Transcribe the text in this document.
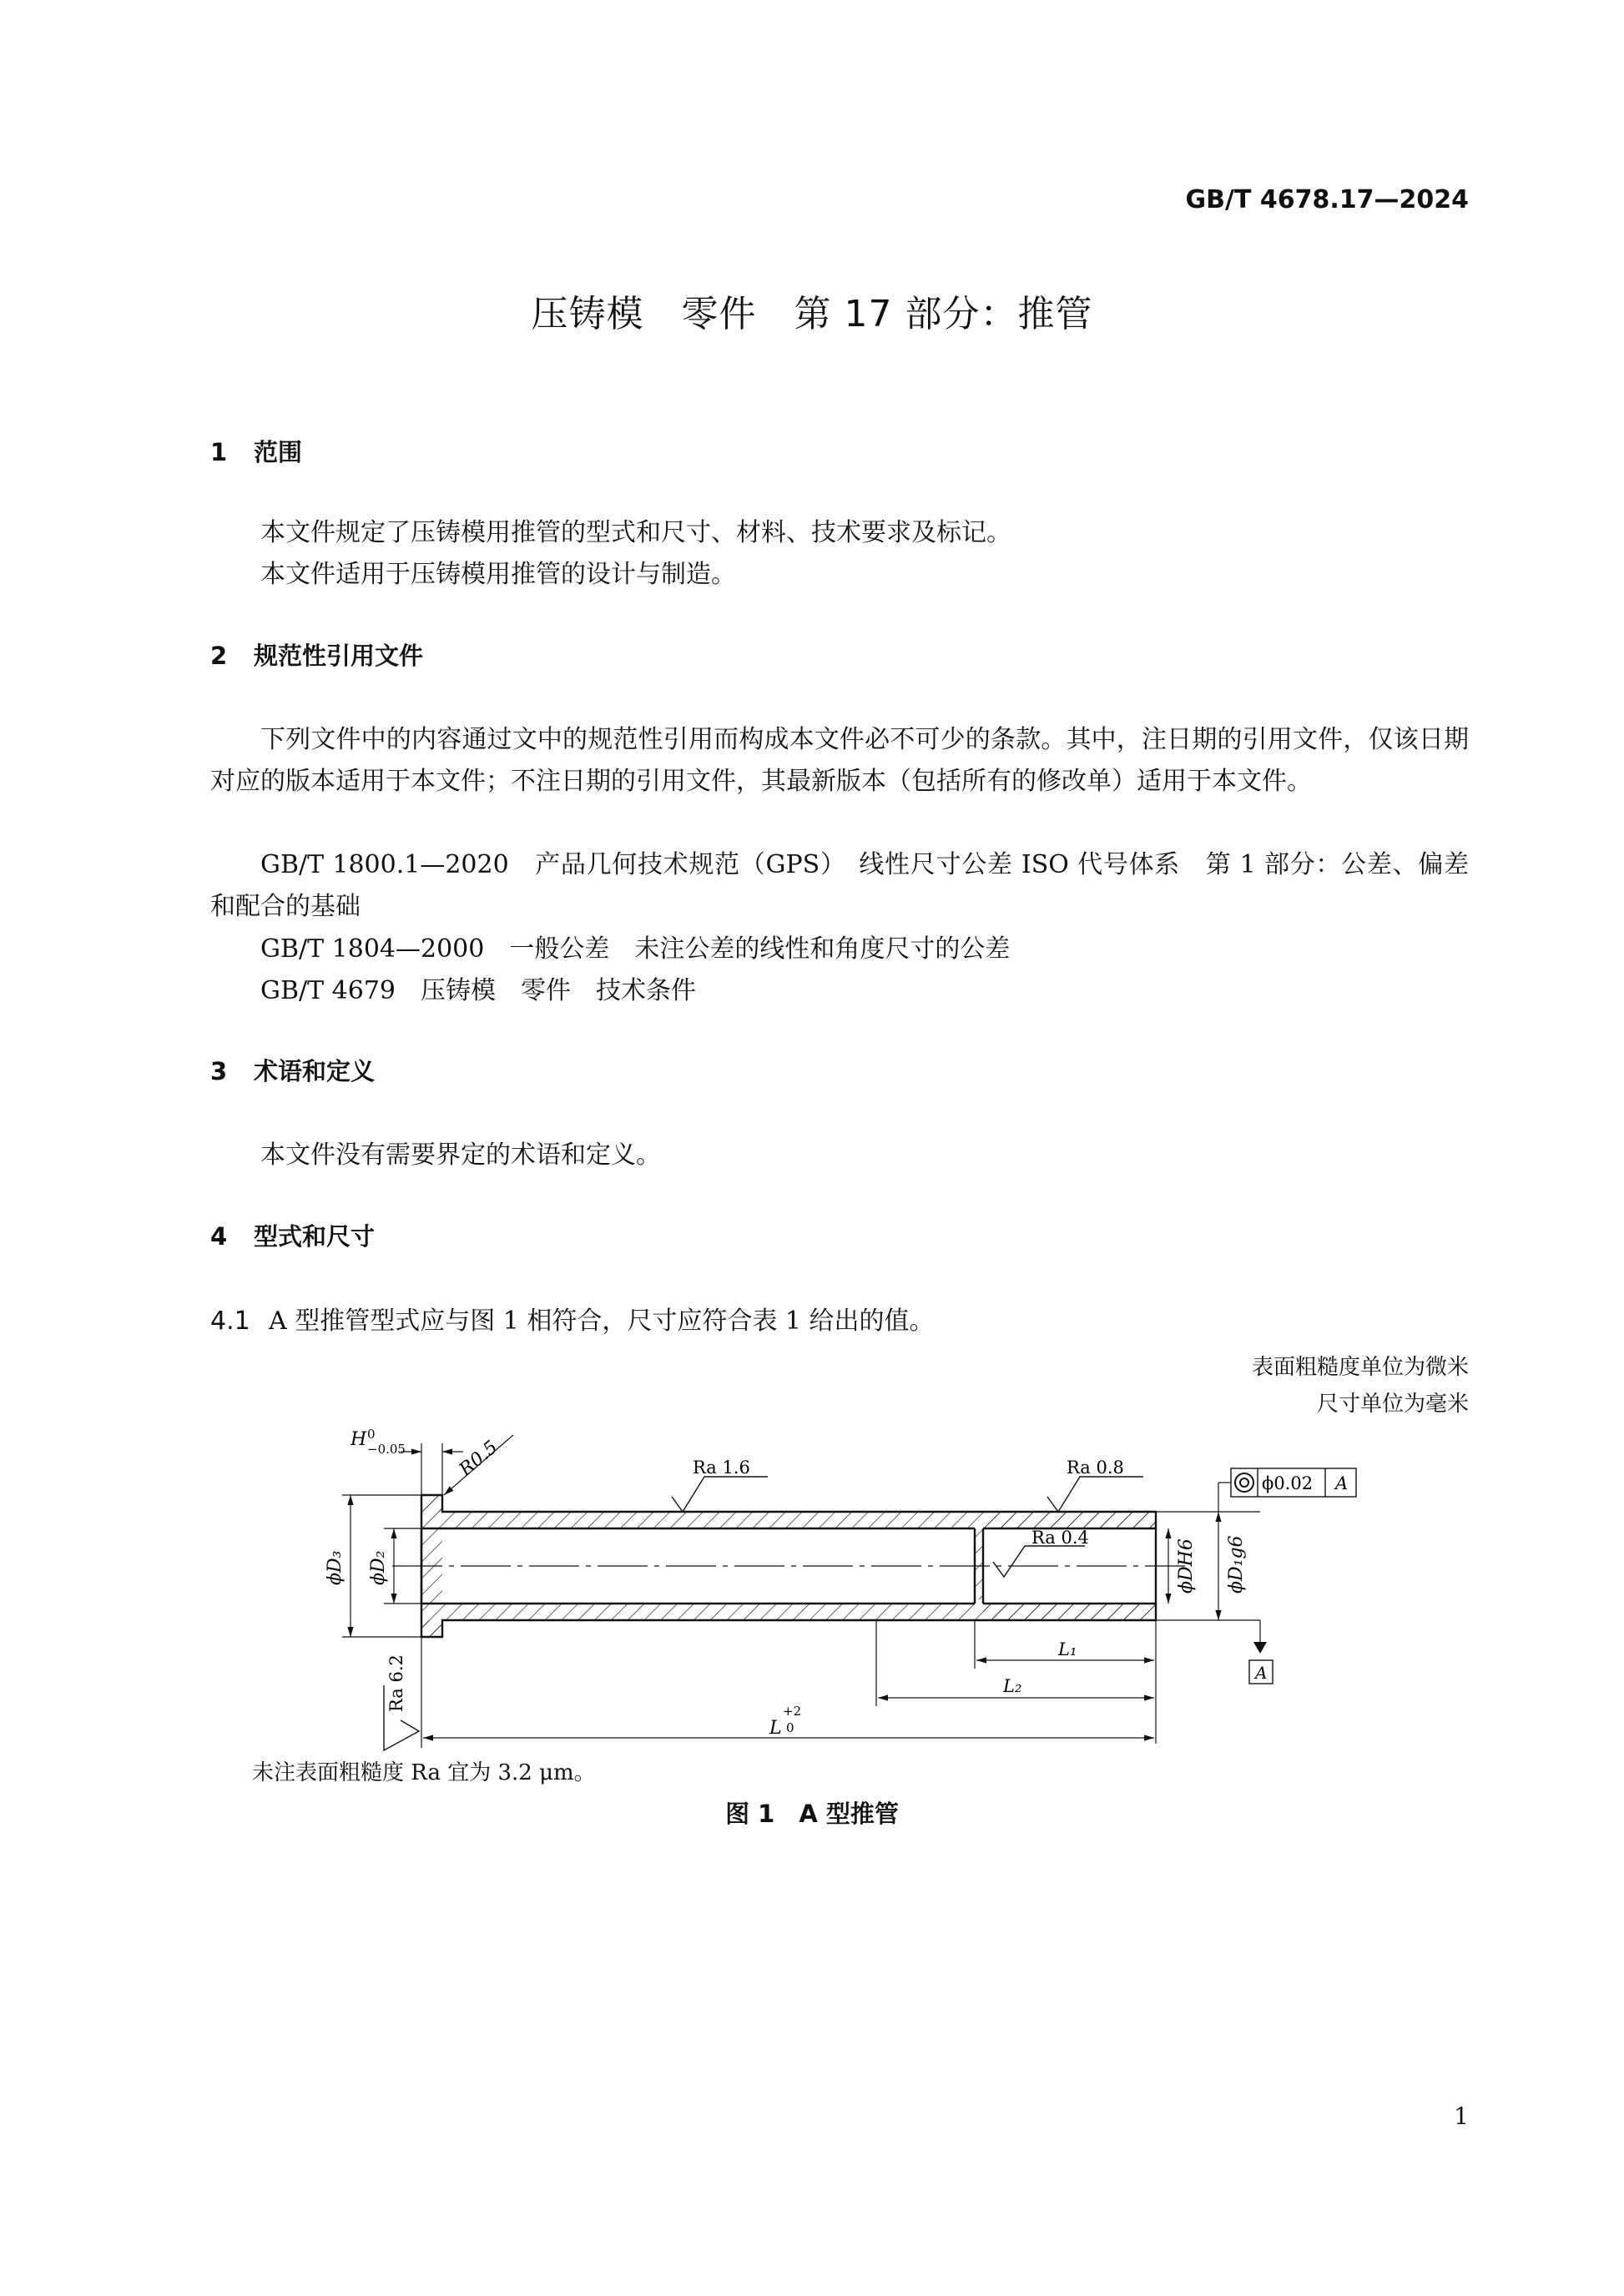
GB/T 4678.17—2024
压铸模　零件　第 17 部分：推管
1 范围
本文件规定了压铸模用推管的型式和尺寸、材料、技术要求及标记。
本文件适用于压铸模用推管的设计与制造。
2 规范性引用文件
下列文件中的内容通过文中的规范性引用而构成本文件必不可少的条款。其中，注日期的引用文件，仅该日期对应的版本适用于本文件；不注日期的引用文件，其最新版本（包括所有的修改单）适用于本文件。
GB/T 1800.1—2020　产品几何技术规范（GPS）　线性尺寸公差 ISO 代号体系　第 1 部分：公差、偏差和配合的基础
GB/T 1804—2000　一般公差　未注公差的线性和角度尺寸的公差
GB/T 4679　压铸模　零件　技术条件
3 术语和定义
本文件没有需要界定的术语和定义。
4 型式和尺寸
4.1 A 型推管型式应与图 1 相符合，尺寸应符合表 1 给出的值。
表面粗糙度单位为微米
尺寸单位为毫米
H 0
−0.05	R0.5	Ra 1.6	Ra 0.8
Ra 0.4
ϕD₃ ϕD₂	ϕDH6 ϕD₁g6
ϕ0.02 A
A
L₁
L₂
L
+2
0
Ra 6.2
未注表面粗糙度 Ra 宜为 3.2 μm。
图 1　A 型推管
1
